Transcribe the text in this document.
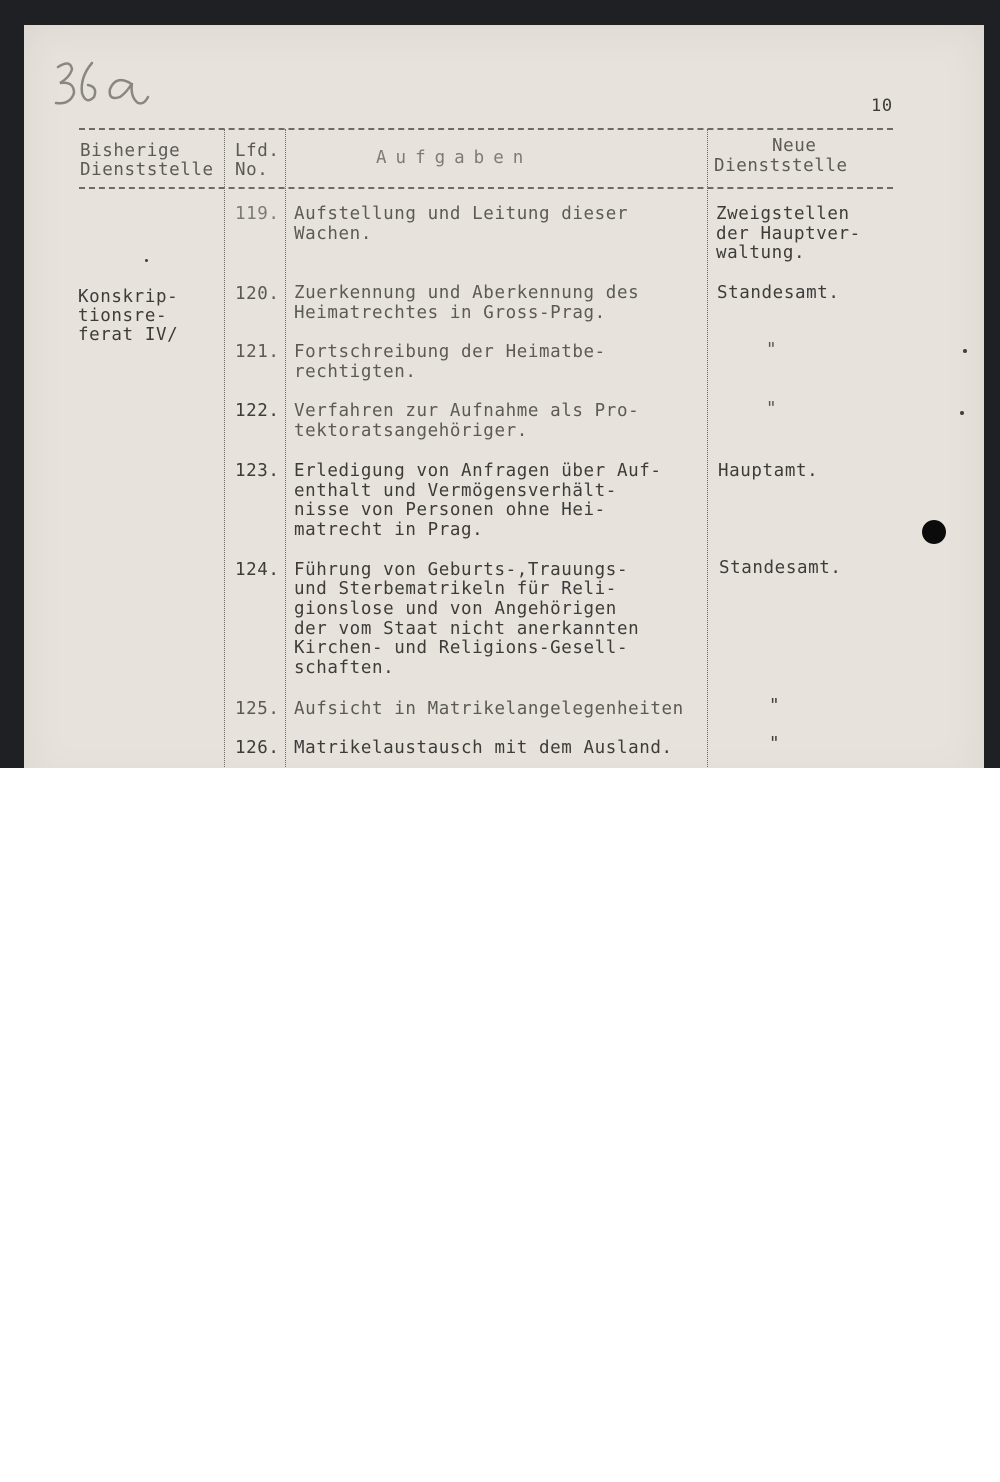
10
Bisherige
Dienststelle
Lfd.
No.
Aufgaben
Neue
Dienststelle
Konskrip-
tionsre-
ferat IV/
119. Aufstellung und Leitung dieser
Wachen.
Zweigstellen
der Hauptver-
waltung.
120. Zuerkennung und Aberkennung des
Heimatrechtes in Gross-Prag.
Standesamt.
121. Fortschreibung der Heimatbe-
rechtigten.
"
122. Verfahren zur Aufnahme als Pro-
tektoratsangehöriger.
"
123. Erledigung von Anfragen über Auf-
enthalt und Vermögensverhält-
nisse von Personen ohne Hei-
matrecht in Prag.
Hauptamt.
124. Führung von Geburts-,Trauungs-
und Sterbematrikeln für Reli-
gionslose und von Angehörigen
der vom Staat nicht anerkannten
Kirchen- und Religions-Gesell-
schaften.
Standesamt.
125. Aufsicht in Matrikelangelegenheiten	"
126. Matrikelaustausch mit dem Ausland.	"
